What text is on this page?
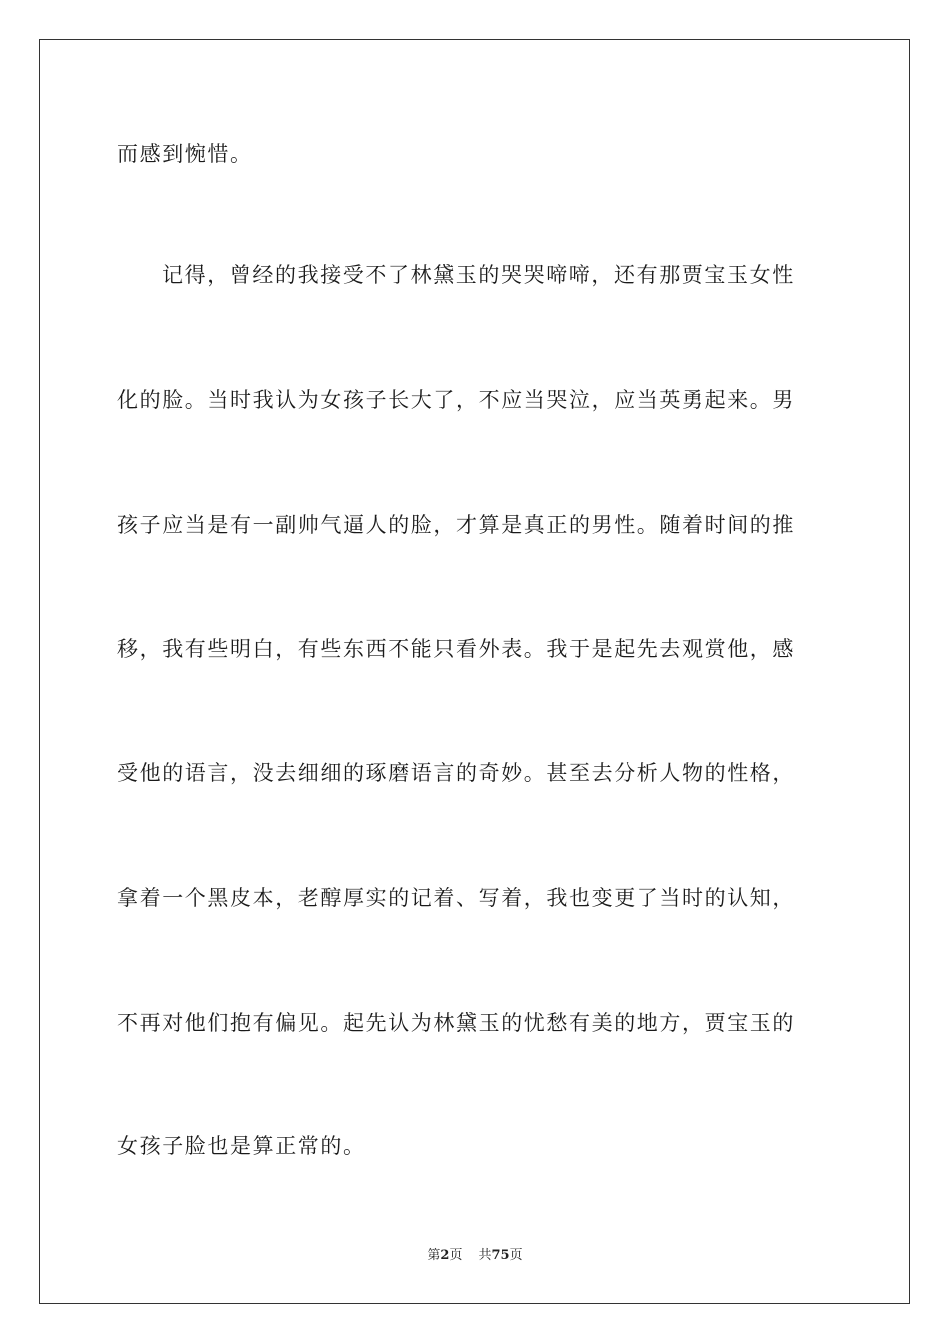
而感到惋惜。
记得，曾经的我接受不了林黛玉的哭哭啼啼，还有那贾宝玉女性
化的脸。当时我认为女孩子长大了，不应当哭泣，应当英勇起来。男
孩子应当是有一副帅气逼人的脸，才算是真正的男性。随着时间的推
移，我有些明白，有些东西不能只看外表。我于是起先去观赏他，感
受他的语言，没去细细的琢磨语言的奇妙。甚至去分析人物的性格，
拿着一个黑皮本，老醇厚实的记着、写着，我也变更了当时的认知，
不再对他们抱有偏见。起先认为林黛玉的忧愁有美的地方，贾宝玉的
女孩子脸也是算正常的。
第2页 共75页
